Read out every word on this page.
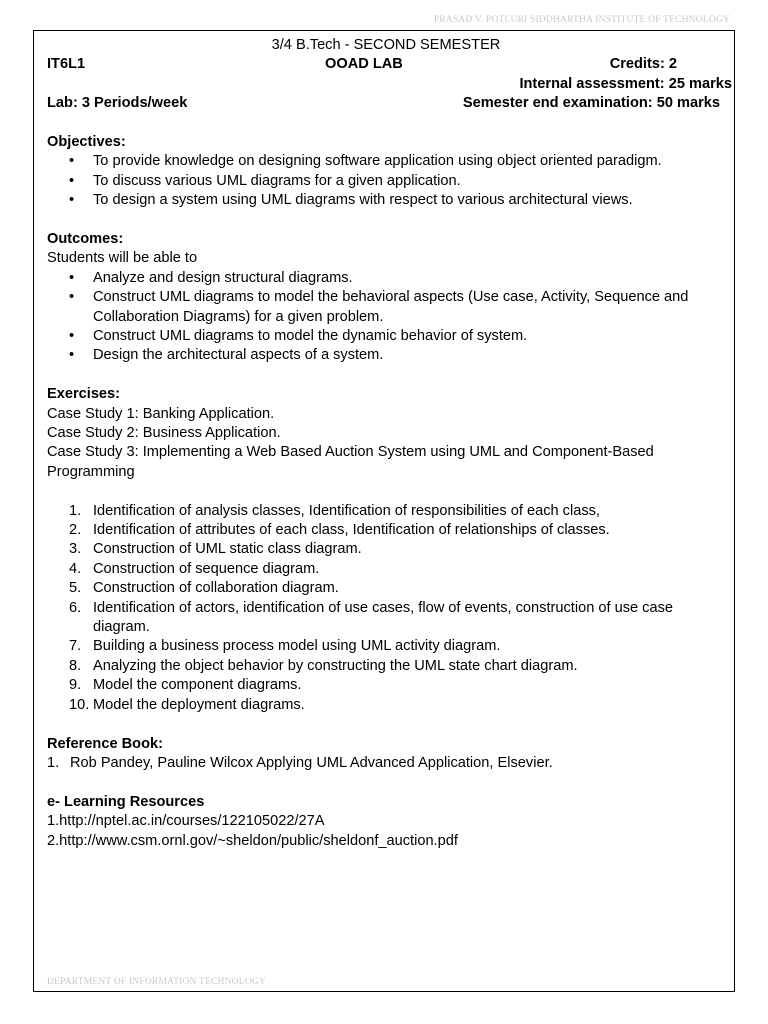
PRASAD V. POTLURI SIDDHARTHA INSTITUTE OF TECHNOLOGY
3/4 B.Tech - SECOND SEMESTER
IT6L1	OOAD LAB	Credits: 2
Internal assessment: 25 marks
Lab: 3 Periods/week	Semester end examination: 50 marks
Objectives:
• To provide knowledge on designing software application using object oriented paradigm.
• To discuss various UML diagrams for a given application.
• To design a system using UML diagrams with respect to various architectural views.
Outcomes:
Students will be able to
• Analyze and design structural diagrams.
• Construct UML diagrams to model the behavioral aspects (Use case, Activity, Sequence and Collaboration Diagrams) for a given problem.
• Construct UML diagrams to model the dynamic behavior of system.
• Design the architectural aspects of a system.
Exercises:
Case Study 1: Banking Application.
Case Study 2: Business Application.
Case Study 3: Implementing a Web Based Auction System using UML and Component-Based Programming
1. Identification of analysis classes, Identification of responsibilities of each class,
2. Identification of attributes of each class, Identification of relationships of classes.
3. Construction of UML static class diagram.
4. Construction of sequence diagram.
5. Construction of collaboration diagram.
6. Identification of actors, identification of use cases, flow of events, construction of use case diagram.
7. Building a business process model using UML activity diagram.
8. Analyzing the object behavior by constructing the UML state chart diagram.
9. Model the component diagrams.
10. Model the deployment diagrams.
Reference Book:
1. Rob Pandey, Pauline Wilcox Applying UML Advanced Application, Elsevier.
e- Learning Resources
1.http://nptel.ac.in/courses/122105022/27A
2.http://www.csm.ornl.gov/~sheldon/public/sheldonf_auction.pdf
DEPARTMENT OF INFORMATION TECHNOLOGY
